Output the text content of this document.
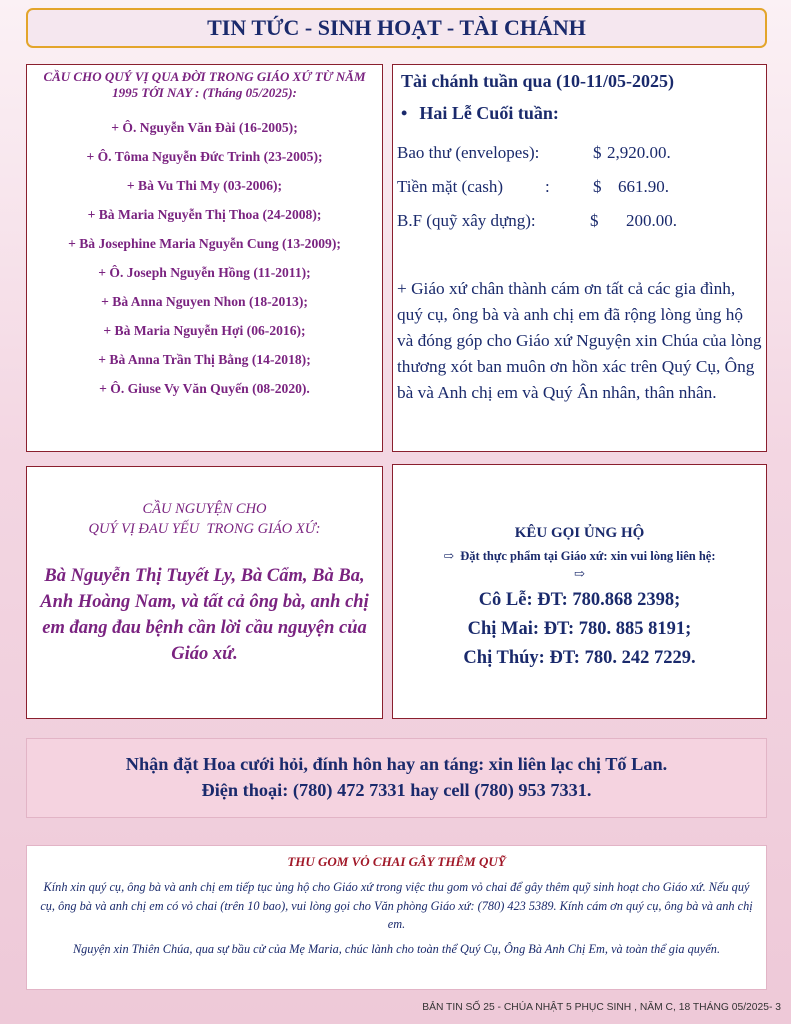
TIN TỨC - SINH HOẠT - TÀI CHÁNH
CẦU CHO QUÝ VỊ QUA ĐỜI TRONG GIÁO XỨ TỪ NĂM 1995 TỚI NAY : (Tháng 05/2025):
+ Ô. Nguyễn Văn Đài (16-2005);
+ Ô. Tôma Nguyễn Đức Trinh (23-2005);
+ Bà Vu Thi My (03-2006);
+ Bà Maria Nguyễn Thị Thoa (24-2008);
+ Bà Josephine Maria Nguyễn Cung (13-2009);
+ Ô. Joseph Nguyễn Hồng (11-2011);
+ Bà Anna Nguyen Nhon (18-2013);
+ Bà Maria Nguyễn Hợi (06-2016);
+ Bà Anna Trần Thị Bằng (14-2018);
+ Ô. Giuse Vy Văn Quyến (08-2020).
Tài chánh tuần qua (10-11/05-2025)
• Hai Lễ Cuối tuần:
Bao thư (envelopes):	$ 2,920.00.
Tiền mặt (cash) :	$ 661.90.
B.F (quỹ xây dựng):	$ 200.00.
+ Giáo xứ chân thành cám ơn tất cả các gia đình, quý cụ, ông bà và anh chị em đã rộng lòng ủng hộ và đóng góp cho Giáo xứ Nguyện xin Chúa của lòng thương xót ban muôn ơn hồn xác trên Quý Cụ, Ông bà và Anh chị em và Quý Ân nhân, thân nhân.
CẦU NGUYỆN CHO
QUÝ VỊ ĐAU YẾU  TRONG GIÁO XỨ:
Bà Nguyễn Thị Tuyết Ly, Bà Cẩm, Bà Ba, Anh Hoàng Nam, và tất cả ông bà, anh chị em đang đau bệnh cần lời cầu nguyện của Giáo xứ.
KÊU GỌI ỦNG HỘ
⇨ Đặt thực phẩm tại Giáo xứ: xin vui lòng liên hệ:
⇨
Cô Lễ: ĐT: 780.868 2398;
Chị Mai: ĐT: 780. 885 8191;
Chị Thúy: ĐT: 780. 242 7229.
Nhận đặt Hoa cưới hỏi, đính hôn hay an táng: xin liên lạc chị Tố Lan.
Điện thoại: (780) 472 7331 hay cell (780) 953 7331.
THU GOM VỎ CHAI GÂY THÊM QUỸ
Kính xin quý cụ, ông bà và anh chị em tiếp tục ủng hộ cho Giáo xứ trong việc thu gom vỏ chai để gây thêm quỹ sinh hoạt cho Giáo xứ. Nếu quý cụ, ông bà và anh chị em có vỏ chai (trên 10 bao), vui lòng gọi cho Văn phòng Giáo xứ: (780) 423 5389. Kính cám ơn quý cụ, ông bà và anh chị em.
Nguyện xin Thiên Chúa, qua sự bầu cử của Mẹ Maria, chúc lành cho toàn thể Quý Cụ, Ông Bà Anh Chị Em, và toàn thể gia quyến.
BẢN TIN SỐ 25 - CHÚA NHẬT 5 PHỤC SINH , NĂM C, 18 THÁNG 05/2025- 3
